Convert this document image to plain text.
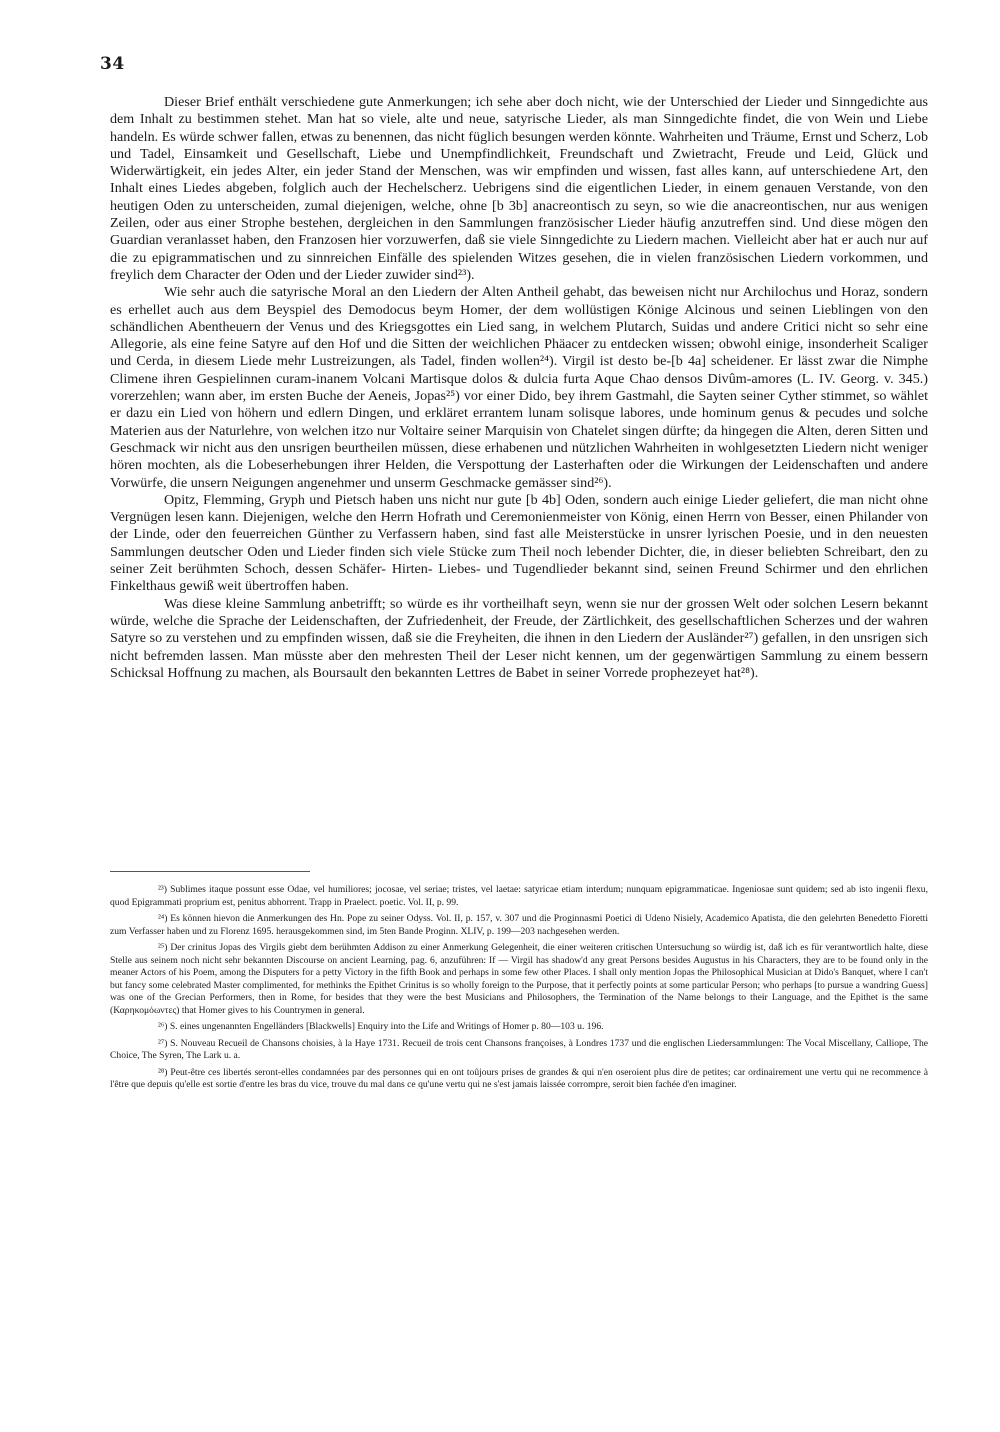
34

Dieser Brief enthält verschiedene gute Anmerkungen; ich sehe aber doch nicht, wie der Unterschied der Lieder und Sinngedichte aus dem Inhalt zu bestimmen stehet. Man hat so viele, alte und neue, satyrische Lieder, als man Sinngedichte findet, die von Wein und Liebe handeln. Es würde schwer fallen, etwas zu benennen, das nicht füglich besungen werden könnte. Wahrheiten und Träume, Ernst und Scherz, Lob und Tadel, Einsamkeit und Gesellschaft, Liebe und Unempfindlichkeit, Freundschaft und Zwietracht, Freude und Leid, Glück und Widerwärtigkeit, ein jedes Alter, ein jeder Stand der Menschen, was wir empfinden und wissen, fast alles kann, auf unterschiedene Art, den Inhalt eines Liedes abgeben, folglich auch der Hechelscherz. Uebrigens sind die eigentlichen Lieder, in einem genauen Verstande, von den heutigen Oden zu unterscheiden, zumal diejenigen, welche, ohne [b 3b] anacreontisch zu seyn, so wie die anacreontischen, nur aus wenigen Zeilen, oder aus einer Strophe bestehen, dergleichen in den Sammlungen französischer Lieder häufig anzutreffen sind. Und diese mögen den Guardian veranlasset haben, den Franzosen hier vorzuwerfen, daß sie viele Sinngedichte zu Liedern machen. Vielleicht aber hat er auch nur auf die zu epigrammatischen und zu sinnreichen Einfälle des spielenden Witzes gesehen, die in vielen französischen Liedern vorkommen, und freylich dem Character der Oden und der Lieder zuwider sind²³).

Wie sehr auch die satyrische Moral an den Liedern der Alten Antheil gehabt, das beweisen nicht nur Archilochus und Horaz, sondern es erhellet auch aus dem Beyspiel des Demodocus beym Homer, der dem wollüstigen Könige Alcinous und seinen Lieblingen von den schändlichen Abentheuern der Venus und des Kriegsgottes ein Lied sang, in welchem Plutarch, Suidas und andere Critici nicht so sehr eine Allegorie, als eine feine Satyre auf den Hof und die Sitten der weichlichen Phäacer zu entdecken wissen; obwohl einige, insonderheit Scaliger und Cerda, in diesem Liede mehr Lustreizungen, als Tadel, finden wollen²⁴). Virgil ist desto be-[b 4a] scheidener. Er lässt zwar die Nimphe Climene ihren Gespielinnen curam-inanem Volcani Martisque dolos & dulcia furta Aque Chao densos Divûm-amores (L. IV. Georg. v. 345.) vorerzehlen; wann aber, im ersten Buche der Aeneis, Jopas²⁵) vor einer Dido, bey ihrem Gastmahl, die Sayten seiner Cyther stimmet, so wählet er dazu ein Lied von höhern und edlern Dingen, und erkläret errantem lunam solisque labores, unde hominum genus & pecudes und solche Materien aus der Naturlehre, von welchen itzo nur Voltaire seiner Marquisin von Chatelet singen dürfte; da hingegen die Alten, deren Sitten und Geschmack wir nicht aus den unsrigen beurtheilen müssen, diese erhabenen und nützlichen Wahrheiten in wohlgesetzten Liedern nicht weniger hören mochten, als die Lobeserhebungen ihrer Helden, die Verspottung der Lasterhaften oder die Wirkungen der Leidenschaften und andere Vorwürfe, die unsern Neigungen angenehmer und unserm Geschmacke gemässer sind²⁶).

Opitz, Flemming, Gryph und Pietsch haben uns nicht nur gute [b 4b] Oden, sondern auch einige Lieder geliefert, die man nicht ohne Vergnügen lesen kann. Diejenigen, welche den Herrn Hofrath und Ceremonienmeister von König, einen Herrn von Besser, einen Philander von der Linde, oder den feuerreichen Günther zu Verfassern haben, sind fast alle Meisterstücke in unsrer lyrischen Poesie, und in den neuesten Sammlungen deutscher Oden und Lieder finden sich viele Stücke zum Theil noch lebender Dichter, die, in dieser beliebten Schreibart, den zu seiner Zeit berühmten Schoch, dessen Schäfer- Hirten- Liebes- und Tugendlieder bekannt sind, seinen Freund Schirmer und den ehrlichen Finkelthaus gewiß weit übertroffen haben.

Was diese kleine Sammlung anbetrifft; so würde es ihr vortheilhaft seyn, wenn sie nur der grossen Welt oder solchen Lesern bekannt würde, welche die Sprache der Leidenschaften, der Zufriedenheit, der Freude, der Zärtlichkeit, des gesellschaftlichen Scherzes und der wahren Satyre so zu verstehen und zu empfinden wissen, daß sie die Freyheiten, die ihnen in den Liedern der Ausländer²⁷) gefallen, in den unsrigen sich nicht befremden lassen. Man müsste aber den mehresten Theil der Leser nicht kennen, um der gegenwärtigen Sammlung zu einem bessern Schicksal Hoffnung zu machen, als Boursault den bekannten Lettres de Babet in seiner Vorrede prophezeyet hat²⁸).

²³) Sublimes itaque possunt esse Odae, vel humiliores; jocosae, vel seriae; tristes, vel laetae: satyricae etiam interdum; nunquam epigrammaticae. Ingeniosae sunt quidem; sed ab isto ingenii flexu, quod Epigrammati proprium est, penitus abhorrent. Trapp in Praelect. poetic. Vol. II, p. 99.

²⁴) Es können hievon die Anmerkungen des Hn. Pope zu seiner Odyss. Vol. II, p. 157, v. 307 und die Proginnasmi Poetici di Udeno Nisiely, Academico Apatista, die den gelehrten Benedetto Fioretti zum Verfasser haben und zu Florenz 1695. herausgekommen sind, im 5ten Bande Proginn. XLIV, p. 199—203 nachgesehen werden.

²⁵) Der crinitus Jopas des Virgils giebt dem berühmten Addison zu einer Anmerkung Gelegenheit, die einer weiteren critischen Untersuchung so würdig ist, daß ich es für verantwortlich halte, diese Stelle aus seinem noch nicht sehr bekannten Discourse on ancient Learning, pag. 6, anzuführen: If — Virgil has shadow'd any great Persons besides Augustus in his Characters, they are to be found only in the meaner Actors of his Poem, among the Disputers for a petty Victory in the fifth Book and perhaps in some few other Places. I shall only mention Jopas the Philosophical Musician at Dido's Banquet, where I can't but fancy some celebrated Master complimented, for methinks the Epithet Crinitus is so wholly foreign to the Purpose, that it perfectly points at some particular Person; who perhaps [to pursue a wandring Guess] was one of the Grecian Performers, then in Rome, for besides that they were the best Musicians and Philosophers, the Termination of the Name belongs to their Language, and the Epithet is the same (Καρηκομόωντες) that Homer gives to his Countrymen in general.

²⁶) S. eines ungenannten Engelländers [Blackwells] Enquiry into the Life and Writings of Homer p. 80—103 u. 196.

²⁷) S. Nouveau Recueil de Chansons choisies, à la Haye 1731. Recueil de trois cent Chansons françoises, à Londres 1737 und die englischen Liedersammlungen: The Vocal Miscellany, Calliope, The Choice, The Syren, The Lark u. a.

²⁸) Peut-être ces libertés seront-elles condamnées par des personnes qui en ont toûjours prises de grandes & qui n'en oseroient plus dire de petites; car ordinairement une vertu qui ne recommence à l'être que depuis qu'elle est sortie d'entre les bras du vice, trouve du mal dans ce qu'une vertu qui ne s'est jamais laissée corrompre, seroit bien fachée d'en imaginer.
